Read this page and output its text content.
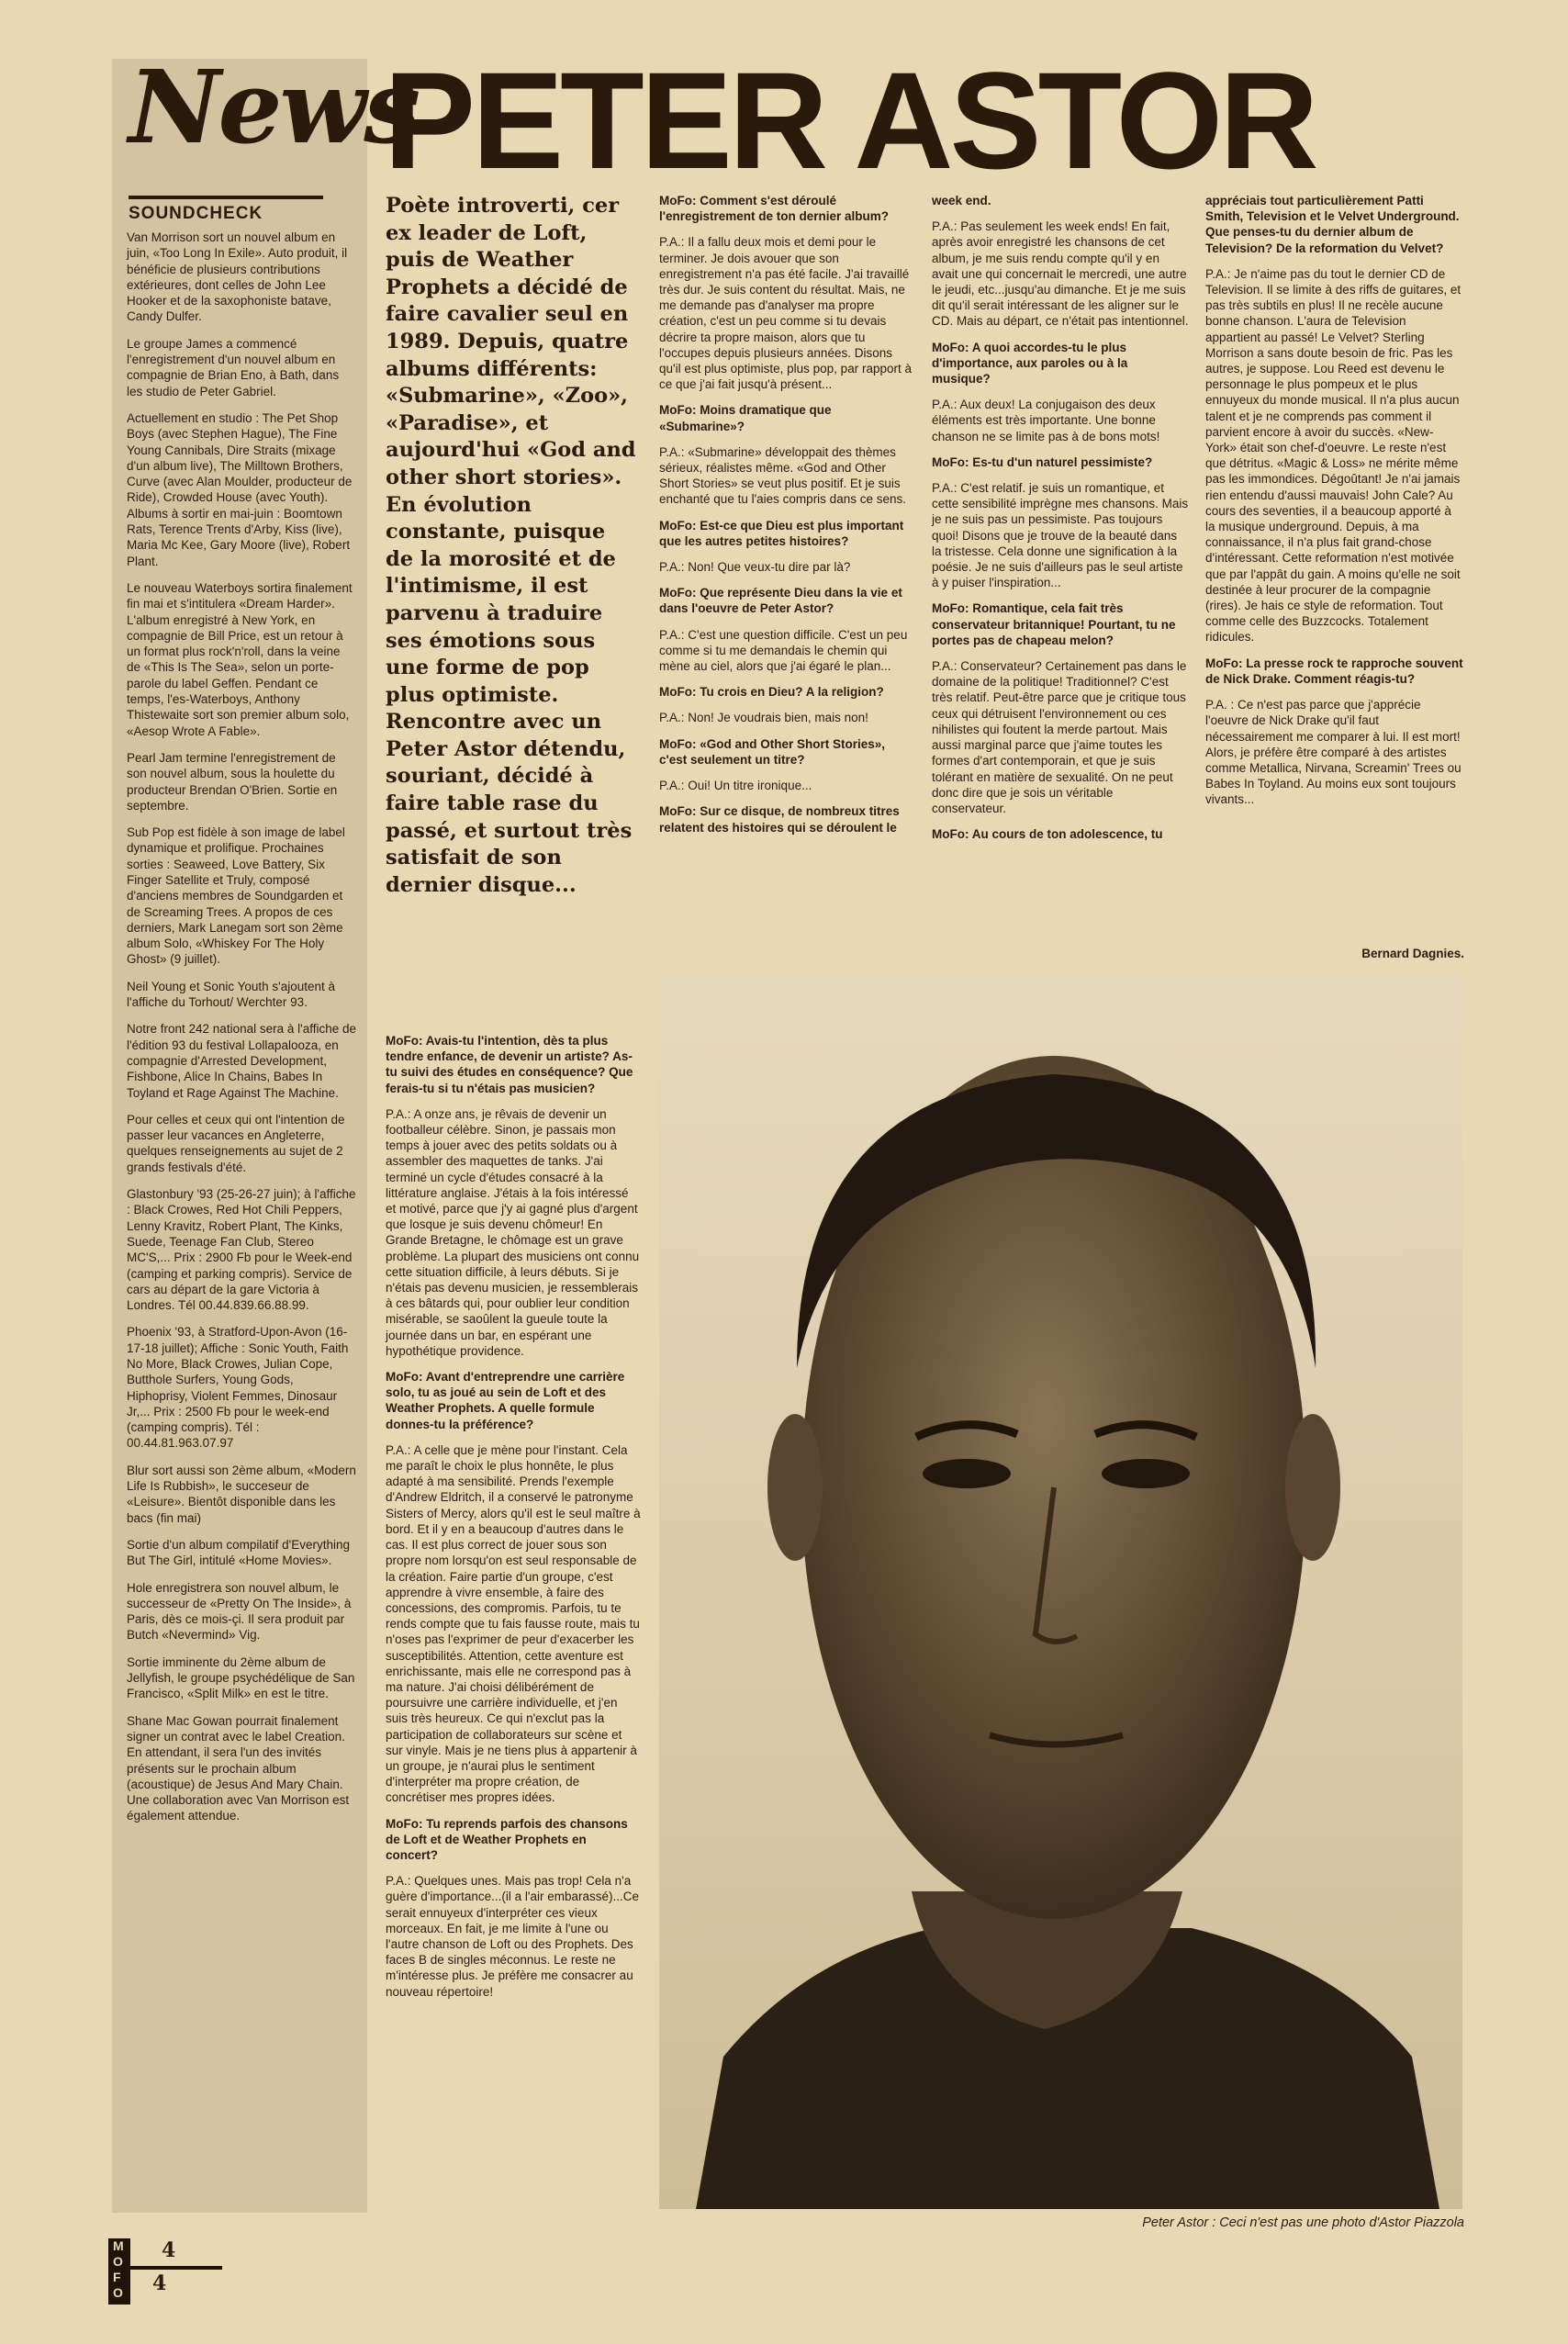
News
PETER ASTOR
SOUNDCHECK

Van Morrison sort un nouvel album en juin, «Too Long In Exile». Auto produit, il bénéficie de plusieurs contributions extérieures, dont celles de John Lee Hooker et de la saxophoniste batave, Candy Dulfer.

Le groupe James a commencé l'enregistrement d'un nouvel album en compagnie de Brian Eno, à Bath, dans les studio de Peter Gabriel.

Actuellement en studio : The Pet Shop Boys (avec Stephen Hague), The Fine Young Cannibals, Dire Straits (mixage d'un album live), The Milltown Brothers, Curve (avec Alan Moulder, producteur de Ride), Crowded House (avec Youth). Albums à sortir en mai-juin : Boomtown Rats, Terence Trents d'Arby, Kiss (live), Maria Mc Kee, Gary Moore (live), Robert Plant.

Le nouveau Waterboys sortira finalement fin mai et s'intitulera «Dream Harder». L'album enregistré à New York, en compagnie de Bill Price, est un retour à un format plus rock'n'roll, dans la veine de «This Is The Sea», selon un porte-parole du label Geffen. Pendant ce temps, l'es-Waterboys, Anthony Thistewaite sort son premier album solo, «Aesop Wrote A Fable».

Pearl Jam termine l'enregistrement de son nouvel album, sous la houlette du producteur Brendan O'Brien. Sortie en septembre.

Sub Pop est fidèle à son image de label dynamique et prolifique. Prochaines sorties : Seaweed, Love Battery, Six Finger Satellite et Truly, composé d'anciens membres de Soundgarden et de Screaming Trees. A propos de ces derniers, Mark Lanegam sort son 2ème album Solo, «Whiskey For The Holy Ghost» (9 juillet).

Neil Young et Sonic Youth s'ajoutent à l'affiche du Torhout/ Werchter 93.

Notre front 242 national sera à l'affiche de l'édition 93 du festival Lollapalooza, en compagnie d'Arrested Development, Fishbone, Alice In Chains, Babes In Toyland et Rage Against The Machine.

Pour celles et ceux qui ont l'intention de passer leur vacances en Angleterre, quelques renseignements au sujet de 2 grands festivals d'été.

Glastonbury '93 (25-26-27 juin); à l'affiche : Black Crowes, Red Hot Chili Peppers, Lenny Kravitz, Robert Plant, The Kinks, Suede, Teenage Fan Club, Stereo MC'S,... Prix : 2900 Fb pour le Week-end (camping et parking compris). Service de cars au départ de la gare Victoria à Londres. Tél 00.44.839.66.88.99.

Phoenix '93, à Stratford-Upon-Avon (16-17-18 juillet); Affiche : Sonic Youth, Faith No More, Black Crowes, Julian Cope, Butthole Surfers, Young Gods, Hiphoprisy, Violent Femmes, Dinosaur Jr,... Prix : 2500 Fb pour le week-end (camping compris). Tél : 00.44.81.963.07.97

Blur sort aussi son 2ème album, «Modern Life Is Rubbish», le succeseur de «Leisure». Bientôt disponible dans les bacs (fin mai)

Sortie d'un album compilatif d'Everything But The Girl, intitulé «Home Movies».

Hole enregistrera son nouvel album, le successeur de «Pretty On The Inside», à Paris, dès ce mois-çi. Il sera produit par Butch «Nevermind» Vig.

Sortie imminente du 2ème album de Jellyfish, le groupe psychédélique de San Francisco, «Split Milk» en est le titre.

Shane Mac Gowan pourrait finalement signer un contrat avec le label Creation. En attendant, il sera l'un des invités présents sur le prochain album (acoustique) de Jesus And Mary Chain. Une collaboration avec Van Morrison est également attendue.

Poète introverti, cer ex leader de Loft, puis de Weather Prophets a décidé de faire cavalier seul en 1989. Depuis, quatre albums différents: «Submarine», «Zoo», «Paradise», et aujourd'hui «God and other short stories». En évolution constante, puisque de la morosité et de l'intimisme, il est parvenu à traduire ses émotions sous une forme de pop plus optimiste. Rencontre avec un Peter Astor détendu, souriant, décidé à faire table rase du passé, et surtout très satisfait de son dernier disque...

MoFo: Avais-tu l'intention, dès ta plus tendre enfance, de devenir un artiste? As-tu suivi des études en conséquence? Que ferais-tu si tu n'étais pas musicien?

P.A.: A onze ans, je rêvais de devenir un footballeur célèbre. Sinon, je passais mon temps à jouer avec des petits soldats ou à assembler des maquettes de tanks. J'ai terminé un cycle d'études consacré à la littérature anglaise. J'étais à la fois intéressé et motivé, parce que j'y ai gagné plus d'argent que losque je suis devenu chômeur! En Grande Bretagne, le chômage est un grave problème. La plupart des musiciens ont connu cette situation difficile, à leurs débuts. Si je n'étais pas devenu musicien, je ressemblerais à ces bâtards qui, pour oublier leur condition misérable, se saoûlent la gueule toute la journée dans un bar, en espérant une hypothétique providence.

MoFo: Avant d'entreprendre une carrière solo, tu as joué au sein de Loft et des Weather Prophets. A quelle formule donnes-tu la préférence?

P.A.: A celle que je mène pour l'instant. Cela me paraît le choix le plus honnête, le plus adapté à ma sensibilité. Prends l'exemple d'Andrew Eldritch, il a conservé le patronyme Sisters of Mercy, alors qu'il est le seul maître à bord. Et il y en a beaucoup d'autres dans le cas. Il est plus correct de jouer sous son propre nom lorsqu'on est seul responsable de la création. Faire partie d'un groupe, c'est apprendre à vivre ensemble, à faire des concessions, des compromis. Parfois, tu te rends compte que tu fais fausse route, mais tu n'oses pas l'exprimer de peur d'exacerber les susceptibilités. Attention, cette aventure est enrichissante, mais elle ne correspond pas à ma nature. J'ai choisi délibérément de poursuivre une carrière individuelle, et j'en suis très heureux. Ce qui n'exclut pas la participation de collaborateurs sur scène et sur vinyle. Mais je ne tiens plus à appartenir à un groupe, je n'aurai plus le sentiment d'interpréter ma propre création, de concrétiser mes propres idées.

MoFo: Tu reprends parfois des chansons de Loft et de Weather Prophets en concert?

P.A.: Quelques unes. Mais pas trop! Cela n'a guère d'importance...(il a l'air embarassé)...Ce serait ennuyeux d'interpréter ces vieux morceaux. En fait, je me limite à l'une ou l'autre chanson de Loft ou des Prophets. Des faces B de singles méconnus. Le reste ne m'intéresse plus. Je préfère me consacrer au nouveau répertoire!

MoFo: Comment s'est déroulé l'enregistrement de ton dernier album?

P.A.: Il a fallu deux mois et demi pour le terminer. Je dois avouer que son enregistrement n'a pas été facile. J'ai travaillé très dur. Je suis content du résultat. Mais, ne me demande pas d'analyser ma propre création, c'est un peu comme si tu devais décrire ta propre maison, alors que tu l'occupes depuis plusieurs années. Disons qu'il est plus optimiste, plus pop, par rapport à ce que j'ai fait jusqu'à présent...

MoFo: Moins dramatique que «Submarine»?

P.A.: «Submarine» développait des thèmes sérieux, réalistes même. «God and Other Short Stories» se veut plus positif. Et je suis enchanté que tu l'aies compris dans ce sens.

MoFo: Est-ce que Dieu est plus important que les autres petites histoires?

P.A.: Non! Que veux-tu dire par là?

MoFo: Que représente Dieu dans la vie et dans l'oeuvre de Peter Astor?

P.A.: C'est une question difficile. C'est un peu comme si tu me demandais le chemin qui mène au ciel, alors que j'ai égaré le plan...

MoFo: Tu crois en Dieu? A la religion?

P.A.: Non! Je voudrais bien, mais non!

MoFo: «God and Other Short Stories», c'est seulement un titre?

P.A.: Oui! Un titre ironique...

MoFo: Sur ce disque, de nombreux titres relatent des histoires qui se déroulent le

week end.

P.A.: Pas seulement les week ends! En fait, après avoir enregistré les chansons de cet album, je me suis rendu compte qu'il y en avait une qui concernait le mercredi, une autre le jeudi, etc...jusqu'au dimanche. Et je me suis dit qu'il serait intéressant de les aligner sur le CD. Mais au départ, ce n'était pas intentionnel.

MoFo: A quoi accordes-tu le plus d'importance, aux paroles ou à la musique?

P.A.: Aux deux! La conjugaison des deux éléments est très importante. Une bonne chanson ne se limite pas à de bons mots!

MoFo: Es-tu d'un naturel pessimiste?

P.A.: C'est relatif. je suis un romantique, et cette sensibilité imprègne mes chansons. Mais je ne suis pas un pessimiste. Pas toujours quoi! Disons que je trouve de la beauté dans la tristesse. Cela donne une signification à la poésie. Je ne suis d'ailleurs pas le seul artiste à y puiser l'inspiration...

MoFo: Romantique, cela fait très conservateur britannique! Pourtant, tu ne portes pas de chapeau melon?

P.A.: Conservateur? Certainement pas dans le domaine de la politique! Traditionnel? C'est très relatif. Peut-être parce que je critique tous ceux qui détruisent l'environnement ou ces nihilistes qui foutent la merde partout. Mais aussi marginal parce que j'aime toutes les formes d'art contemporain, et que je suis tolérant en matière de sexualité. On ne peut donc dire que je sois un véritable conservateur.

MoFo: Au cours de ton adolescence, tu

appréciais tout particulièrement Patti Smith, Television et le Velvet Underground. Que penses-tu du dernier album de Television? De la reformation du Velvet?

P.A.: Je n'aime pas du tout le dernier CD de Television. Il se limite à des riffs de guitares, et pas très subtils en plus! Il ne recèle aucune bonne chanson. L'aura de Television appartient au passé! Le Velvet? Sterling Morrison a sans doute besoin de fric. Pas les autres, je suppose. Lou Reed est devenu le personnage le plus pompeux et le plus ennuyeux du monde musical. Il n'a plus aucun talent et je ne comprends pas comment il parvient encore à avoir du succès. «New-York» était son chef-d'oeuvre. Le reste n'est que détritus. «Magic & Loss» ne mérite même pas les immondices. Dégoûtant! Je n'ai jamais rien entendu d'aussi mauvais! John Cale? Au cours des seventies, il a beaucoup apporté à la musique underground. Depuis, à ma connaissance, il n'a plus fait grand-chose d'intéressant. Cette reformation n'est motivée que par l'appât du gain. A moins qu'elle ne soit destinée à leur procurer de la compagnie (rires). Je hais ce style de reformation. Tout comme celle des Buzzcocks. Totalement ridicules.

MoFo: La presse rock te rapproche souvent de Nick Drake. Comment réagis-tu?

P.A. : Ce n'est pas parce que j'apprécie l'oeuvre de Nick Drake qu'il faut nécessairement me comparer à lui. Il est mort! Alors, je préfère être comparé à des artistes comme Metallica, Nirvana, Screamin' Trees ou Babes In Toyland. Au moins eux sont toujours vivants...

Bernard Dagnies.

Peter Astor : Ceci n'est pas une photo d'Astor Piazzola
M
O
F
O
4
4
